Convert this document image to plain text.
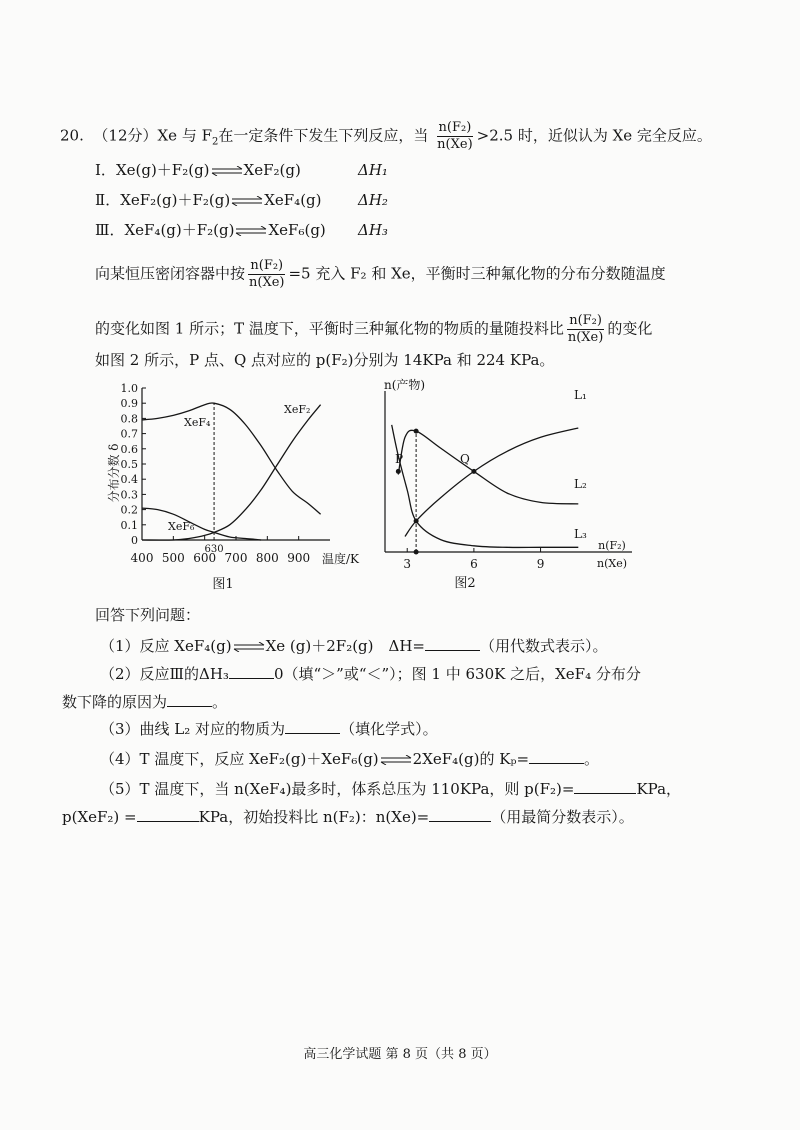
20. （12分）Xe 与 $F_2$在一定条件下发生下列反应，当 $\frac{\text{n(F₂)}}{n(Xe)} >2.5$ 时，近似认为 Xe 完全反应。
Ⅰ．Xe(g)＋F₂(g)⇌XeF₂(g)	ΔH₁
Ⅱ．XeF₂(g)＋F₂(g)⇌XeF₄(g) ΔH₂
Ⅲ．XeF₄(g)＋F₂(g)⇌XeF₆(g) ΔH₃
向某恒压密闭容器中按 $\frac{\text{n(F₂)}}{n(Xe)} =5$ 充入 F₂ 和 Xe，平衡时三种氟化物的分布分数随温度
的变化如图 1 所示；T 温度下，平衡时三种氟化物的物质的量随投料比 $\frac{\text{n(F₂)}}{n(Xe)}$ 的变化
如图 2 所示，P 点、Q 点对应的 p(F₂)分别为 14KPa 和 224 KPa。
0
0.1
0.2
0.3
0.4
0.5
0.6
0.7
0.8
0.9
1.0
400 500 600
630
700 800 900
分布分数 δ
温度/K
图1
XeF₄
XeF₂
XeF₆
3	6	9
n(产物)
n(F₂)
n(Xe)
图2
L₁
L₂
L₃
P	Q
回答下列问题：
（1）反应 XeF₄(g)⇌Xe (g)＋2F₂(g)　ΔH=	（用代数式表示）。
（2）反应Ⅲ的ΔH₃	0（填“＞”或“＜”）；图 1 中 630K 之后，XeF₄ 分布分
数下降的原因为	。
（3）曲线 L₂ 对应的物质为	（填化学式）。
（4）T 温度下，反应 XeF₂(g)＋XeF₆(g)⇌2XeF₄(g)的 Kₚ=	。
（5）T 温度下，当 n(XeF₄)最多时，体系总压为 110KPa，则 p(F₂)=	KPa，
p(XeF₂) =	KPa，初始投料比 n(F₂)：n(Xe)=	（用最简分数表示）。
高三化学试题 第 8 页（共 8 页）
